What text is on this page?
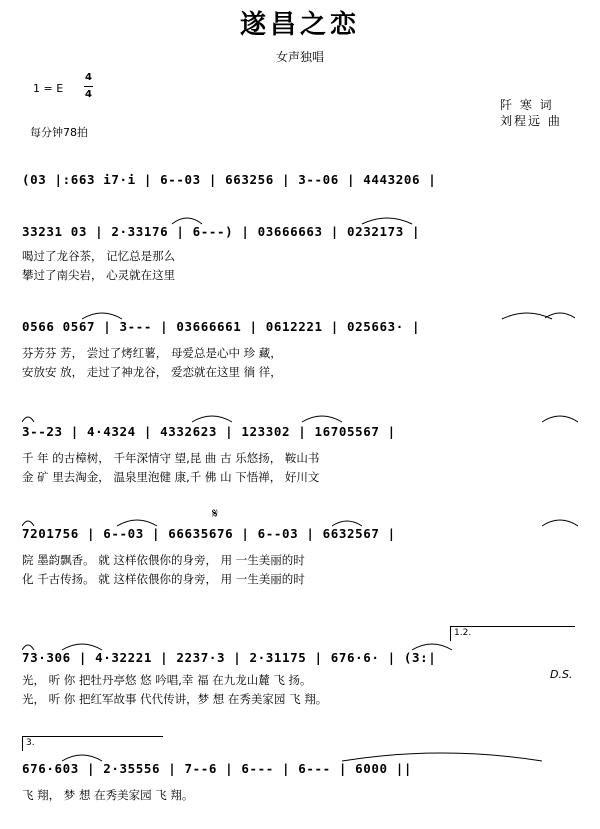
遂昌之恋
女声独唱
1 = E
4
4
每分钟78拍
阡 寒 词
刘程远 曲
(03 |:663 i7·i | 6--03 | 663256 | 3--06 | 4443206 |
33231 03 | 2·33176 | 6---) | 03666663 | 0232173 |
喝过了龙谷茶， 记忆总是那么
攀过了南尖岩， 心灵就在这里
0566 0567 | 3--- | 03666661 | 0612221 | 025663· |
芬芳芬 芳， 尝过了烤红薯， 母爱总是心中 珍 藏，
安放安 放， 走过了神龙谷， 爱恋就在这里 徜 徉，
3--23 | 4·4324 | 4332623 | 123302 | 16705567 |
千 年 的古樟树， 千年深情守 望,昆 曲 古 乐悠扬， 鞍山书
金 矿 里去淘金， 温泉里泡健 康,千 佛 山 下悟禅， 好川文
𝄋
7201756 | 6--03 | 66635676 | 6--03 | 6632567 |
院 墨韵飘香。 就 这样依偎你的身旁， 用 一生美丽的时
化 千古传扬。 就 这样依偎你的身旁， 用 一生美丽的时
1.2.
73·306 | 4·32221 | 2237·3 | 2·31175 | 676·6· | (3:|
光， 听 你 把牡丹亭悠 悠 吟唱,幸 福 在九龙山麓 飞 扬。
光， 听 你 把红军故事 代代传讲，梦 想 在秀美家园 飞 翔。
D.S.
3.
676·603 | 2·35556 | 7--6 | 6--- | 6--- | 6000 ||
飞 翔， 梦 想 在秀美家园 飞 翔。
